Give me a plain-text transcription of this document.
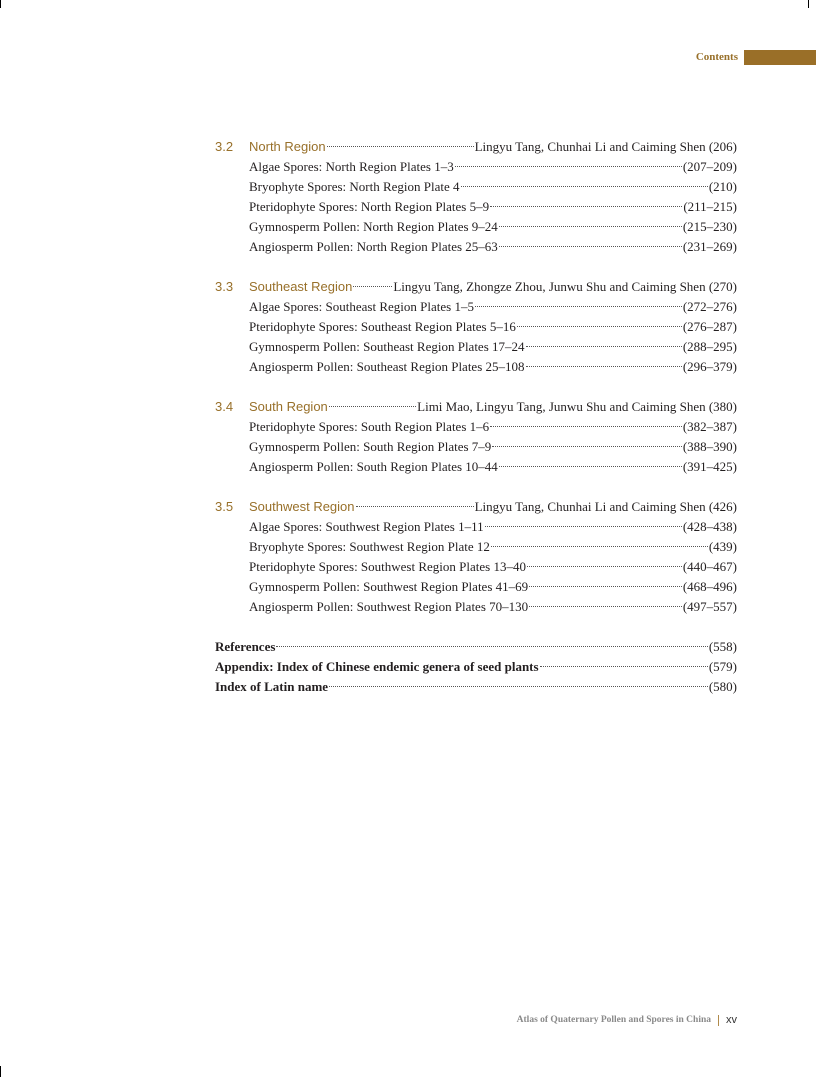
Contents
3.2	North Region	Lingyu Tang, Chunhai Li and Caiming Shen (206)
Algae Spores: North Region Plates 1–3	(207–209)
Bryophyte Spores: North Region Plate 4	(210)
Pteridophyte Spores: North Region Plates 5–9	(211–215)
Gymnosperm Pollen: North Region Plates 9–24	(215–230)
Angiosperm Pollen: North Region Plates 25–63	(231–269)
3.3	Southeast Region	Lingyu Tang, Zhongze Zhou, Junwu Shu and Caiming Shen (270)
Algae Spores: Southeast Region Plates 1–5	(272–276)
Pteridophyte Spores: Southeast Region Plates 5–16	(276–287)
Gymnosperm Pollen: Southeast Region Plates 17–24	(288–295)
Angiosperm Pollen: Southeast Region Plates 25–108	(296–379)
3.4	South Region	Limi Mao, Lingyu Tang, Junwu Shu and Caiming Shen (380)
Pteridophyte Spores: South Region Plates 1–6	(382–387)
Gymnosperm Pollen: South Region Plates 7–9	(388–390)
Angiosperm Pollen: South Region Plates 10–44	(391–425)
3.5	Southwest Region	Lingyu Tang, Chunhai Li and Caiming Shen (426)
Algae Spores: Southwest Region Plates 1–11	(428–438)
Bryophyte Spores: Southwest Region Plate 12	(439)
Pteridophyte Spores: Southwest Region Plates 13–40	(440–467)
Gymnosperm Pollen: Southwest Region Plates 41–69	(468–496)
Angiosperm Pollen: Southwest Region Plates 70–130	(497–557)
References	(558)
Appendix: Index of Chinese endemic genera of seed plants	(579)
Index of Latin name	(580)
Atlas of Quaternary Pollen and Spores in China xv
